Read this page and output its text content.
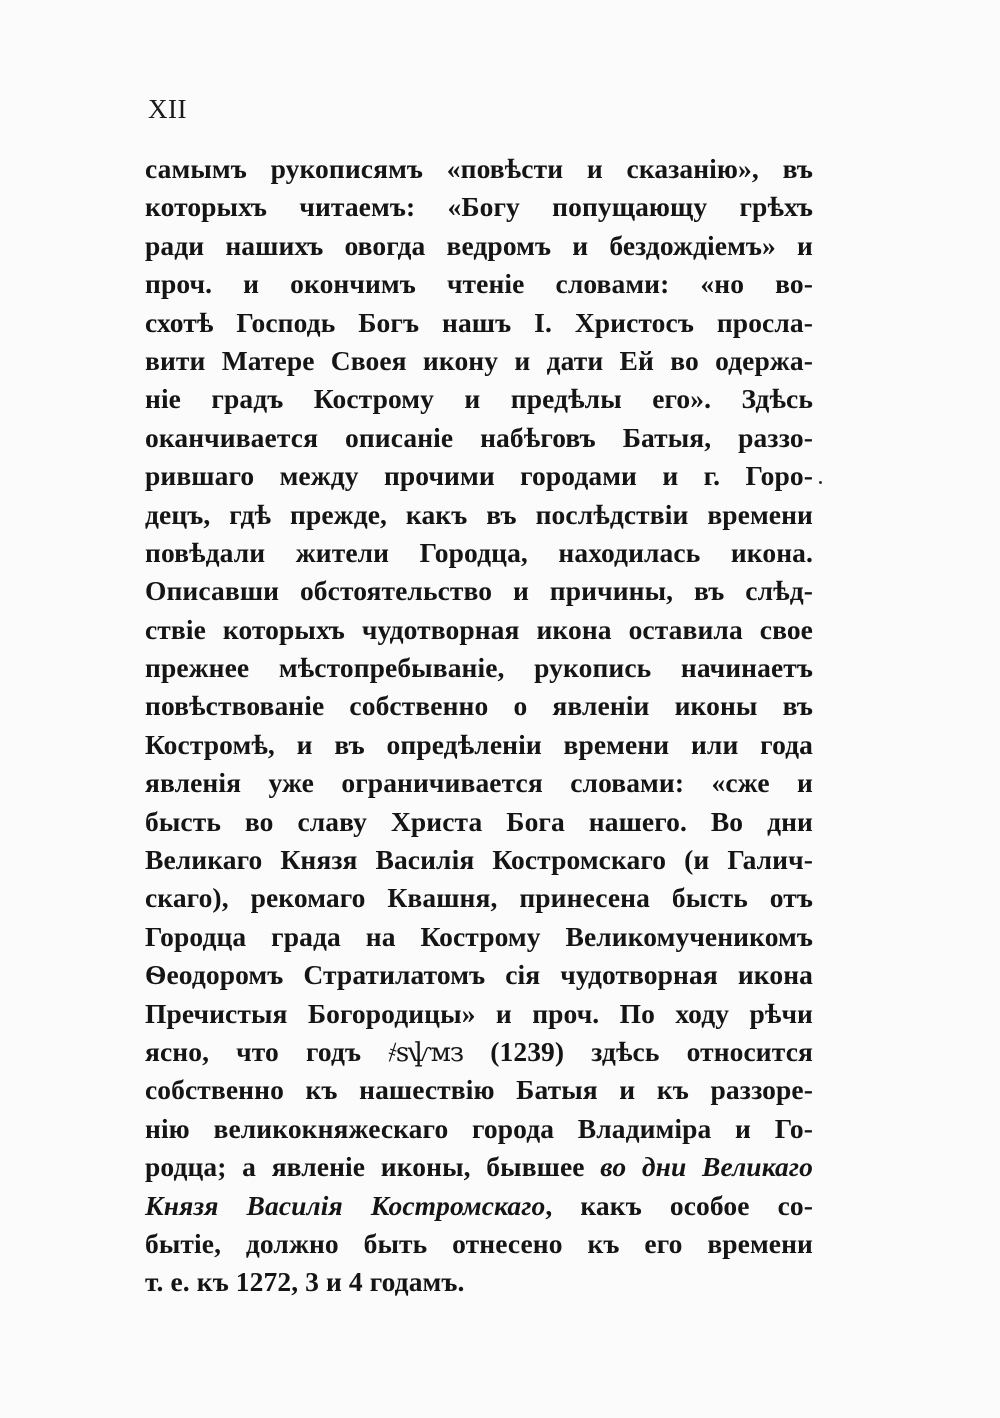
XII
самымъ рукописямъ «повѣсти и сказанію», въ
которыхъ читаемъ: «Богу попущающу грѣхъ
ради нашихъ овогда ведромъ и бездождіемъ» и
проч. и окончимъ чтеніе словами: «но во-
схотѣ Господь Богъ нашъ І. Христосъ просла-
вити Матере Своея икону и дати Ей во одержа-
ніе градъ Кострому и предѣлы его». Здѣсь
оканчивается описаніе набѣговъ Батыя, раззо-
рившаго между прочими городами и г. Горо-
децъ, гдѣ прежде, какъ въ послѣдствіи времени
повѣдали жители Городца, находилась икона.
Описавши обстоятельство и причины, въ слѣд-
ствіе которыхъ чудотворная икона оставила свое
прежнее мѣстопребываніе, рукопись начинаетъ
повѣствованіе собственно о явленіи иконы въ
Костромѣ, и въ опредѣленіи времени или года
явленія уже ограничивается словами: «сже и
бысть во славу Христа Бога нашего. Во дни
Великаго Князя Василія Костромскаго (и Галич-
скаго), рекомаго Квашня, принесена бысть отъ
Городца града на Кострому Великомученикомъ
Ѳеодоромъ Стратилатомъ сія чудотворная икона
Пречистыя Богородицы» и проч. По ходу рѣчи
ясно, что годъ ҂ѕѱмз (1239) здѣсь относится
собственно къ нашествію Батыя и къ раззоре-
нію великокняжескаго города Владиміра и Го-
родца; а явленіе иконы, бывшее во дни Великаго
Князя Василія Костромскаго, какъ особое со-
бытіе, должно быть отнесено къ его времени
т. е. къ 1272, 3 и 4 годамъ.
